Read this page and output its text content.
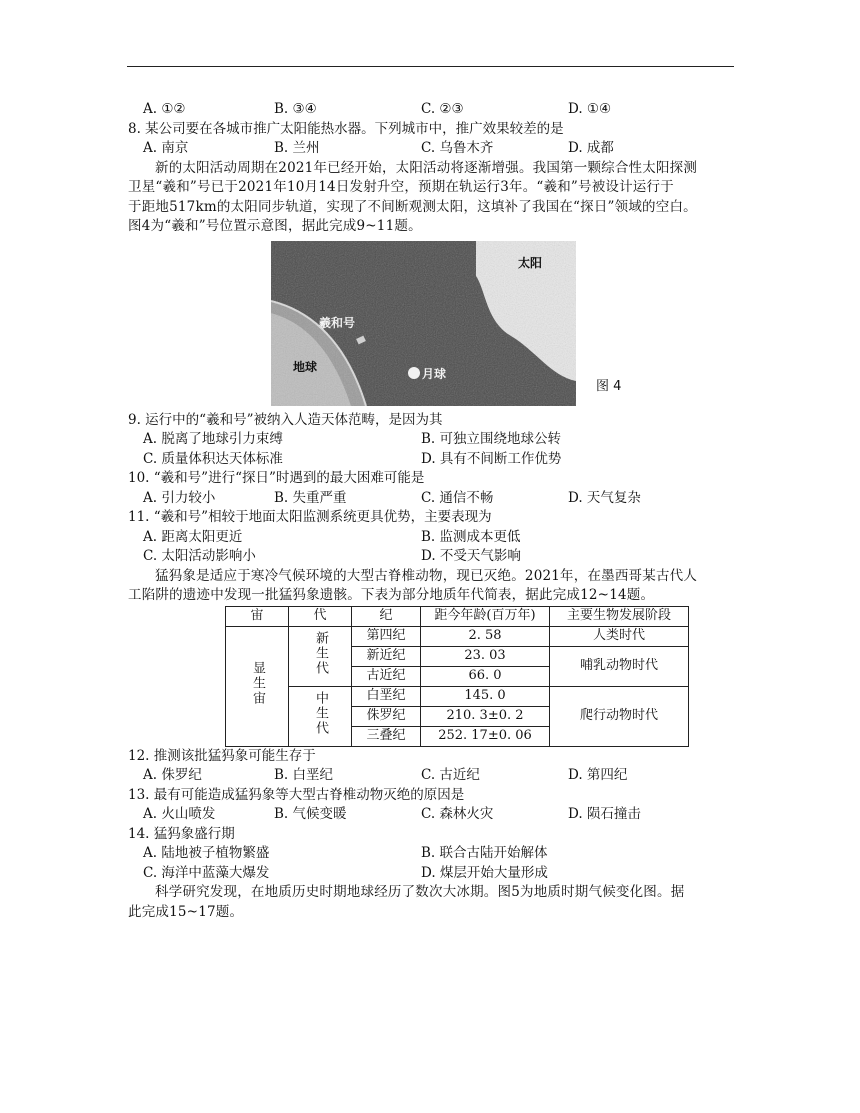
A. ①②	B. ③④	C. ②③	D. ①④
8. 某公司要在各城市推广太阳能热水器。下列城市中，推广效果较差的是
A. 南京	B. 兰州	C. 乌鲁木齐	D. 成都
新的太阳活动周期在2021年已经开始，太阳活动将逐渐增强。我国第一颗综合性太阳探测
卫星“羲和”号已于2021年10月14日发射升空，预期在轨运行3年。“羲和”号被设计运行于
于距地517km的太阳同步轨道，实现了不间断观测太阳，这填补了我国在“探日”领域的空白。
图4为“羲和”号位置示意图，据此完成9~11题。
太阳
羲和号
地球	月球
图 4
9. 运行中的“羲和号”被纳入人造天体范畴，是因为其
A. 脱离了地球引力束缚	B. 可独立围绕地球公转
C. 质量体积达天体标准	D. 具有不间断工作优势
10. “羲和号”进行“探日”时遇到的最大困难可能是
A. 引力较小	B. 失重严重	C. 通信不畅	D. 天气复杂
11. “羲和号”相较于地面太阳监测系统更具优势，主要表现为
A. 距离太阳更近	B. 监测成本更低
C. 太阳活动影响小	D. 不受天气影响
猛犸象是适应于寒冷气候环境的大型古脊椎动物，现已灭绝。2021年，在墨西哥某古代人
工陷阱的遗迹中发现一批猛犸象遗骸。下表为部分地质年代简表，据此完成12~14题。
宙	代	纪	距今年龄(百万年)	主要生物发展阶段
显生宙	新生代	第四纪	2. 58	人类时代
		新近纪	23. 03	哺乳动物时代
		古近纪	66. 0	
	中生代	白垩纪	145. 0	爬行动物时代
		侏罗纪	210. 3±0. 2	
		三叠纪	252. 17±0. 06	
12. 推测该批猛犸象可能生存于
A. 侏罗纪	B. 白垩纪	C. 古近纪	D. 第四纪
13. 最有可能造成猛犸象等大型古脊椎动物灭绝的原因是
A. 火山喷发	B. 气候变暖	C. 森林火灾	D. 陨石撞击
14. 猛犸象盛行期
A. 陆地被子植物繁盛	B. 联合古陆开始解体
C. 海洋中蓝藻大爆发	D. 煤层开始大量形成
科学研究发现，在地质历史时期地球经历了数次大冰期。图5为地质时期气候变化图。据
此完成15~17题。
